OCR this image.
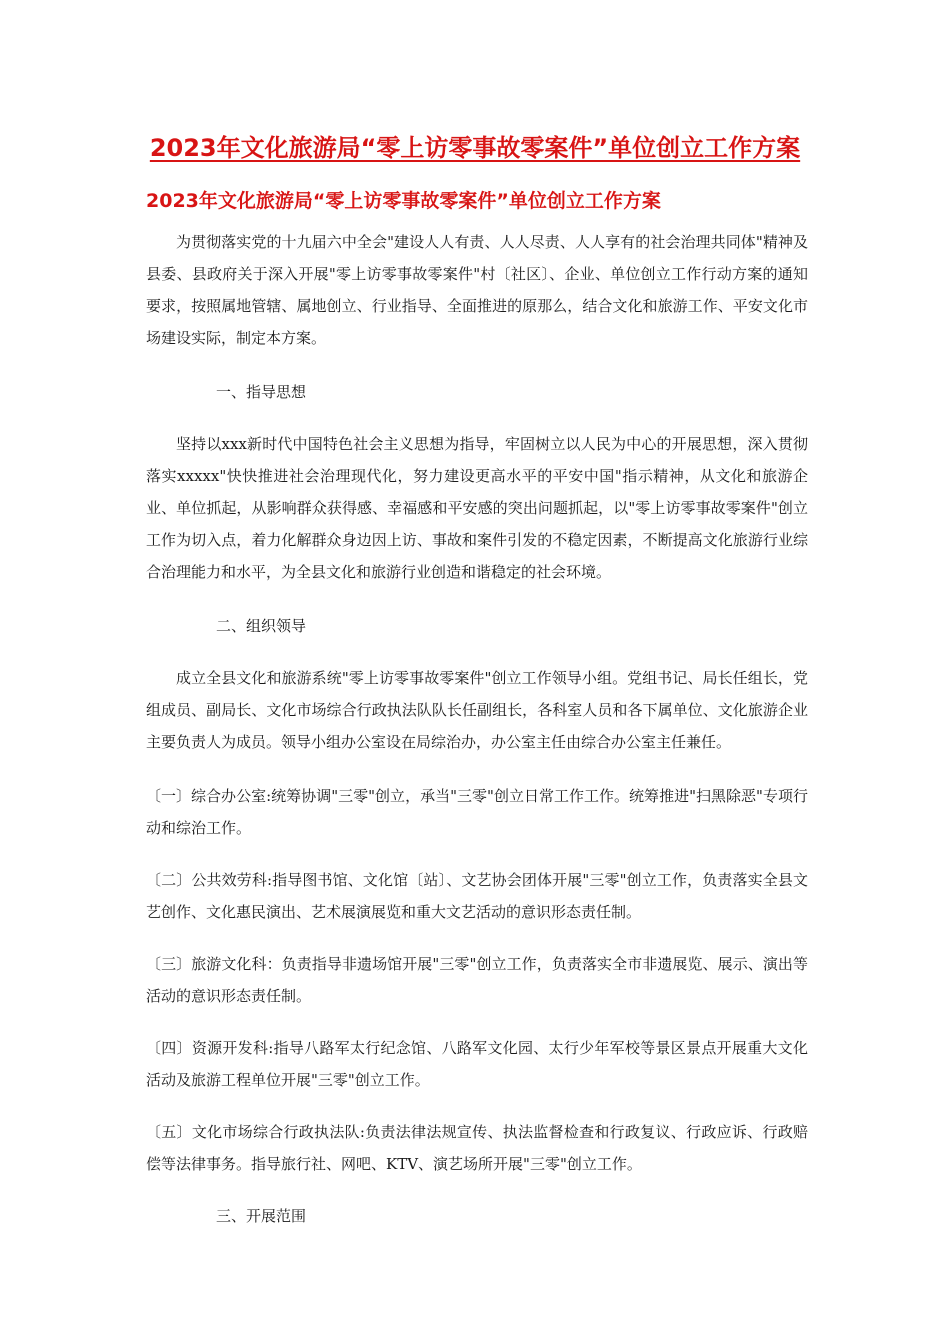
2023年文化旅游局“零上访零事故零案件”单位创立工作方案
2023年文化旅游局“零上访零事故零案件”单位创立工作方案

为贯彻落实党的十九届六中全会"建设人人有责、人人尽责、人人享有的社会治理共同体"精神及县委、县政府关于深入开展"零上访零事故零案件"村〔社区〕、企业、单位创立工作行动方案的通知要求，按照属地管辖、属地创立、行业指导、全面推进的原那么，结合文化和旅游工作、平安文化市场建设实际，制定本方案。

一、指导思想

坚持以xxx新时代中国特色社会主义思想为指导，牢固树立以人民为中心的开展思想，深入贯彻落实xxxxx"快快推进社会治理现代化，努力建设更高水平的平安中国"指示精神，从文化和旅游企业、单位抓起，从影响群众获得感、幸福感和平安感的突出问题抓起，以"零上访零事故零案件"创立工作为切入点，着力化解群众身边因上访、事故和案件引发的不稳定因素，不断提高文化旅游行业综合治理能力和水平，为全县文化和旅游行业创造和谐稳定的社会环境。

二、组织领导

成立全县文化和旅游系统"零上访零事故零案件"创立工作领导小组。党组书记、局长任组长，党组成员、副局长、文化市场综合行政执法队队长任副组长，各科室人员和各下属单位、文化旅游企业主要负责人为成员。领导小组办公室设在局综治办，办公室主任由综合办公室主任兼任。

〔一〕综合办公室:统筹协调"三零"创立，承当"三零"创立日常工作工作。统筹推进"扫黑除恶"专项行动和综治工作。

〔二〕公共效劳科:指导图书馆、文化馆〔站〕、文艺协会团体开展"三零"创立工作，负责落实全县文艺创作、文化惠民演出、艺术展演展览和重大文艺活动的意识形态责任制。

〔三〕旅游文化科：负责指导非遗场馆开展"三零"创立工作，负责落实全市非遗展览、展示、演出等活动的意识形态责任制。

〔四〕资源开发科:指导八路军太行纪念馆、八路军文化园、太行少年军校等景区景点开展重大文化活动及旅游工程单位开展"三零"创立工作。

〔五〕文化市场综合行政执法队:负责法律法规宣传、执法监督检查和行政复议、行政应诉、行政赔偿等法律事务。指导旅行社、网吧、KTV、演艺场所开展"三零"创立工作。

三、开展范围
